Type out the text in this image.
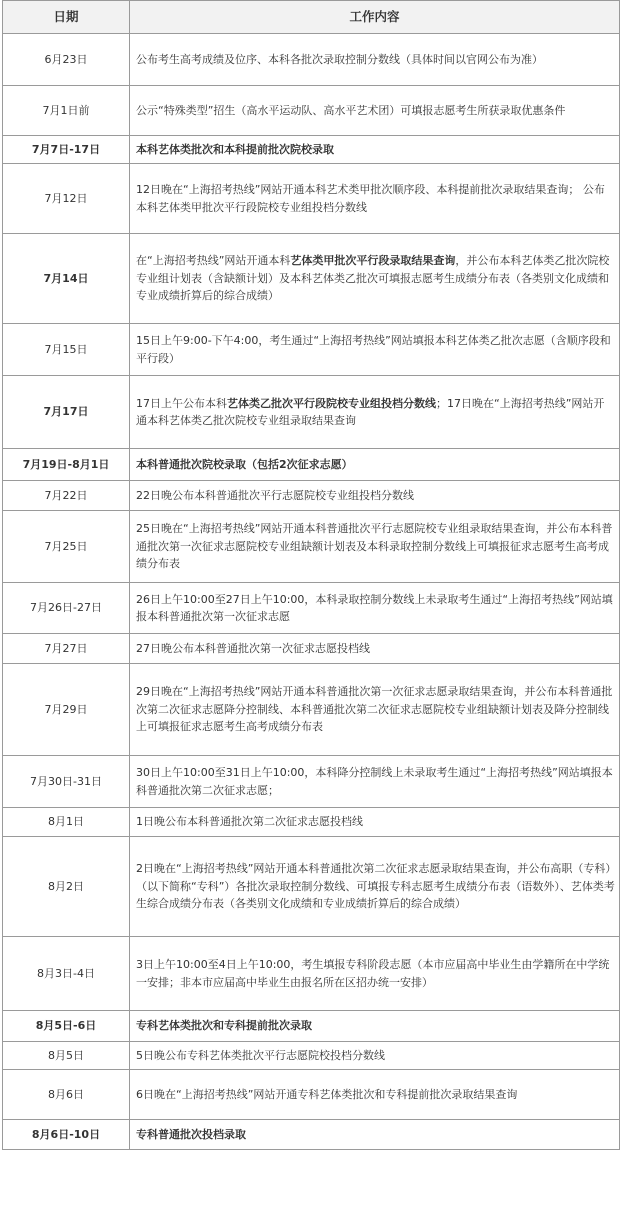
日期	工作内容
6月23日	公布考生高考成绩及位序、本科各批次录取控制分数线（具体时间以官网公布为准）
7月1日前	公示“特殊类型”招生（高水平运动队、高水平艺术团）可填报志愿考生所获录取优惠条件
7月7日-17日	本科艺体类批次和本科提前批次院校录取
7月12日	12日晚在“上海招考热线”网站开通本科艺术类甲批次顺序段、本科提前批次录取结果查询； 公布本科艺体类甲批次平行段院校专业组投档分数线
7月14日	在“上海招考热线”网站开通本科艺体类甲批次平行段录取结果查询，并公布本科艺体类乙批次院校专业组计划表（含缺额计划）及本科艺体类乙批次可填报志愿考生成绩分布表（各类别文化成绩和专业成绩折算后的综合成绩）
7月15日	15日上午9:00-下午4:00，考生通过“上海招考热线”网站填报本科艺体类乙批次志愿（含顺序段和平行段）
7月17日	17日上午公布本科艺体类乙批次平行段院校专业组投档分数线；17日晚在“上海招考热线”网站开通本科艺体类乙批次院校专业组录取结果查询
7月19日-8月1日	本科普通批次院校录取（包括2次征求志愿）
7月22日	22日晚公布本科普通批次平行志愿院校专业组投档分数线
7月25日	25日晚在“上海招考热线”网站开通本科普通批次平行志愿院校专业组录取结果查询，并公布本科普通批次第一次征求志愿院校专业组缺额计划表及本科录取控制分数线上可填报征求志愿考生高考成绩分布表
7月26日-27日	26日上午10:00至27日上午10:00，本科录取控制分数线上未录取考生通过“上海招考热线”网站填报本科普通批次第一次征求志愿
7月27日	27日晚公布本科普通批次第一次征求志愿投档线
7月29日	29日晚在“上海招考热线”网站开通本科普通批次第一次征求志愿录取结果查询，并公布本科普通批次第二次征求志愿降分控制线、本科普通批次第二次征求志愿院校专业组缺额计划表及降分控制线上可填报征求志愿考生高考成绩分布表
7月30日-31日	30日上午10:00至31日上午10:00，本科降分控制线上未录取考生通过“上海招考热线”网站填报本科普通批次第二次征求志愿；
8月1日	1日晚公布本科普通批次第二次征求志愿投档线
8月2日	2日晚在“上海招考热线”网站开通本科普通批次第二次征求志愿录取结果查询，并公布高职（专科）（以下简称“专科”）各批次录取控制分数线、可填报专科志愿考生成绩分布表（语数外）、艺体类考生综合成绩分布表（各类别文化成绩和专业成绩折算后的综合成绩）
8月3日-4日	3日上午10:00至4日上午10:00，考生填报专科阶段志愿（本市应届高中毕业生由学籍所在中学统一安排；非本市应届高中毕业生由报名所在区招办统一安排）
8月5日-6日	专科艺体类批次和专科提前批次录取
8月5日	5日晚公布专科艺体类批次平行志愿院校投档分数线
8月6日	6日晚在“上海招考热线”网站开通专科艺体类批次和专科提前批次录取结果查询
8月6日-10日	专科普通批次投档录取
